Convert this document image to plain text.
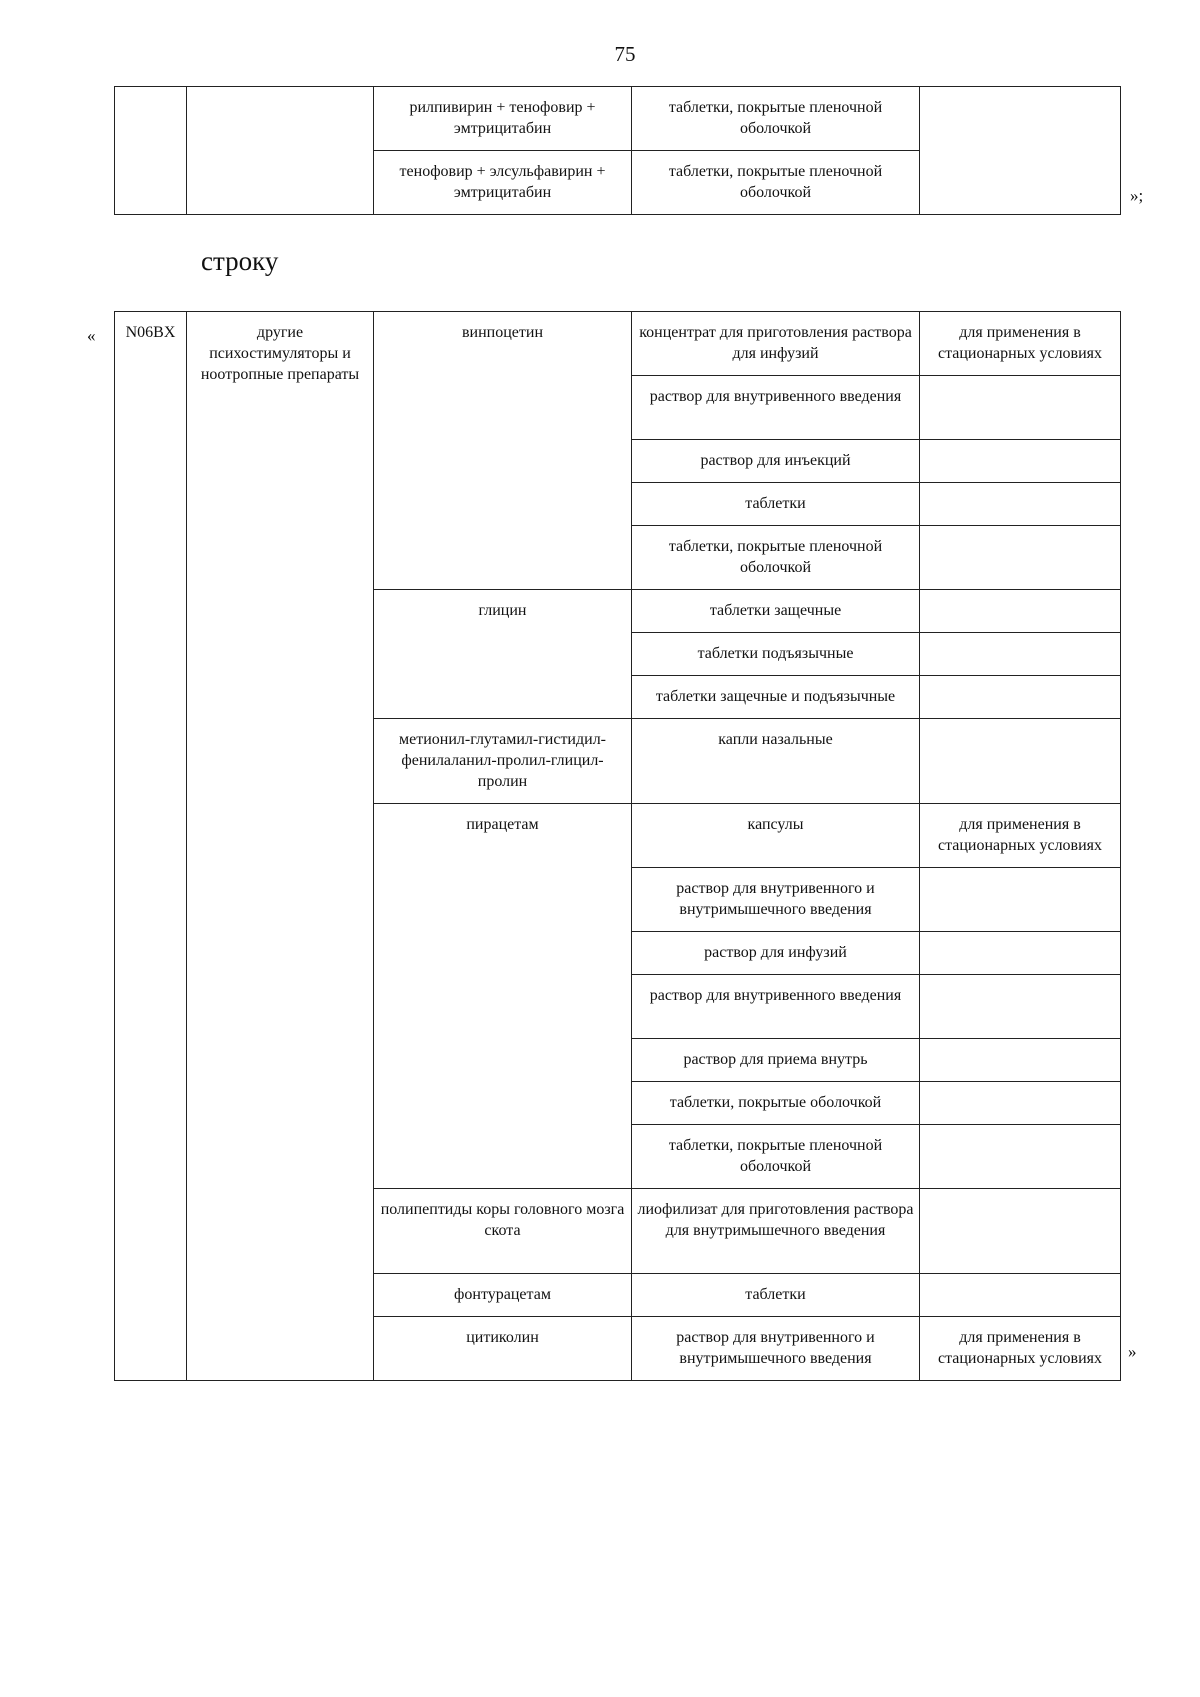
75
		рилпивирин + тенофовир + эмтрицитабин	таблетки, покрытые пленочной оболочкой	
		тенофовир + элсульфавирин + эмтрицитабин	таблетки, покрытые пленочной оболочкой		»;
строку
« N06BX	другие психостимуляторы и ноотропные препараты	винпоцетин	концентрат для приготовления раствора для инфузий	для применения в стационарных условиях
			раствор для внутривенного введения	
			раствор для инъекций	
			таблетки	
			таблетки, покрытые пленочной оболочкой	
		глицин	таблетки защечные	
			таблетки подъязычные	
			таблетки защечные и подъязычные	
		метионил-глутамил-гистидил-фенилаланил-пролил-глицил-пролин	капли назальные	
		пирацетам	капсулы	для применения в стационарных условиях
			раствор для внутривенного и внутримышечного введения	
			раствор для инфузий	
			раствор для внутривенного введения	
			раствор для приема внутрь	
			таблетки, покрытые оболочкой	
			таблетки, покрытые пленочной оболочкой	
		полипептиды коры головного мозга скота	лиофилизат для приготовления раствора для внутримышечного введения	
		фонтурацетам	таблетки	
		цитиколин	раствор для внутривенного и внутримышечного введения	для применения в стационарных условиях »
